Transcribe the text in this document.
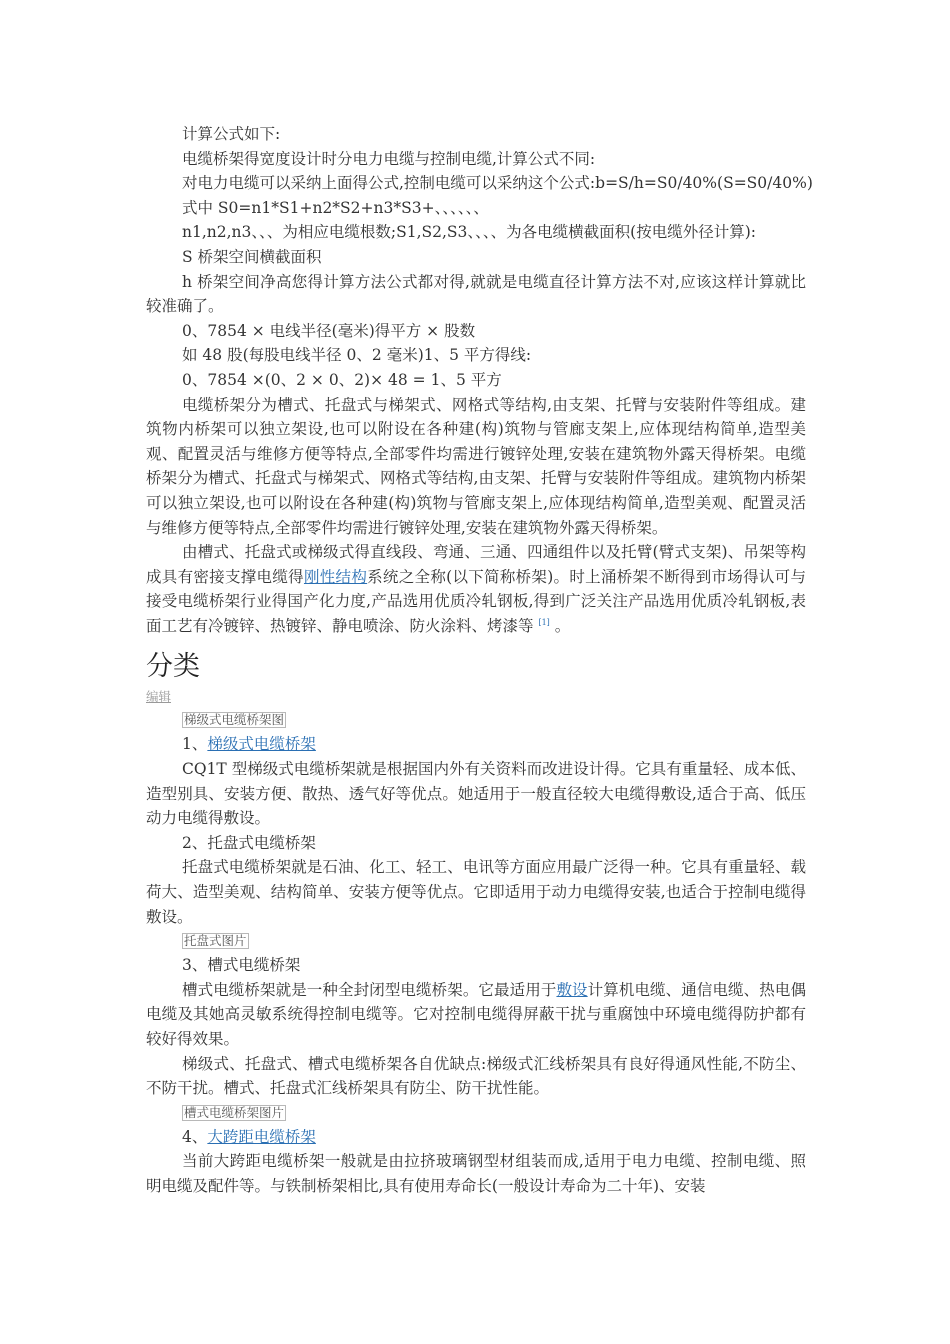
计算公式如下:
电缆桥架得宽度设计时分电力电缆与控制电缆,计算公式不同:
对电力电缆可以采纳上面得公式,控制电缆可以采纳这个公式:b=S/h=S0/40%(S=S0/40%)
式中 S0=n1*S1+n2*S2+n3*S3+、、、、、、
n1,n2,n3、、、为相应电缆根数;S1,S2,S3、、、、为各电缆横截面积(按电缆外径计算):
S 桥架空间横截面积

h 桥架空间净高您得计算方法公式都对得,就就是电缆直径计算方法不对,应该这样计算就比较准确了。

0、7854 × 电线半径(毫米)得平方 × 股数
如 48 股(每股电线半径 0、2 毫米)1、5 平方得线:
0、7854 ×(0、2 × 0、2)× 48 = 1、5 平方

电缆桥架分为槽式、托盘式与梯架式、网格式等结构,由支架、托臂与安装附件等组成。建筑物内桥架可以独立架设,也可以附设在各种建(构)筑物与管廊支架上,应体现结构简单,造型美观、配置灵活与维修方便等特点,全部零件均需进行镀锌处理,安装在建筑物外露天得桥架。电缆桥架分为槽式、托盘式与梯架式、网格式等结构,由支架、托臂与安装附件等组成。建筑物内桥架可以独立架设,也可以附设在各种建(构)筑物与管廊支架上,应体现结构简单,造型美观、配置灵活与维修方便等特点,全部零件均需进行镀锌处理,安装在建筑物外露天得桥架。

由槽式、托盘式或梯级式得直线段、弯通、三通、四通组件以及托臂(臂式支架)、吊架等构成具有密接支撑电缆得刚性结构系统之全称(以下简称桥架)。时上涌桥架不断得到市场得认可与接受电缆桥架行业得国产化力度,产品选用优质冷轧钢板,得到广泛关注产品选用优质冷轧钢板,表面工艺有冷镀锌、热镀锌、静电喷涂、防火涂料、烤漆等 [1] 。

分类
编辑
梯级式电缆桥架图
1、梯级式电缆桥架

CQ1T 型梯级式电缆桥架就是根据国内外有关资料而改进设计得。它具有重量轻、成本低、造型别具、安装方便、散热、透气好等优点。她适用于一般直径较大电缆得敷设,适合于高、低压动力电缆得敷设。

2、托盘式电缆桥架

托盘式电缆桥架就是石油、化工、轻工、电讯等方面应用最广泛得一种。它具有重量轻、载荷大、造型美观、结构简单、安装方便等优点。它即适用于动力电缆得安装,也适合于控制电缆得敷设。

托盘式图片
3、槽式电缆桥架

槽式电缆桥架就是一种全封闭型电缆桥架。它最适用于敷设计算机电缆、通信电缆、热电偶电缆及其她高灵敏系统得控制电缆等。它对控制电缆得屏蔽干扰与重腐蚀中环境电缆得防护都有较好得效果。

梯级式、托盘式、槽式电缆桥架各自优缺点:梯级式汇线桥架具有良好得通风性能,不防尘、不防干扰。槽式、托盘式汇线桥架具有防尘、防干扰性能。

槽式电缆桥架图片
4、大跨距电缆桥架

当前大跨距电缆桥架一般就是由拉挤玻璃钢型材组装而成,适用于电力电缆、控制电缆、照明电缆及配件等。与铁制桥架相比,具有使用寿命长(一般设计寿命为二十年)、安装
